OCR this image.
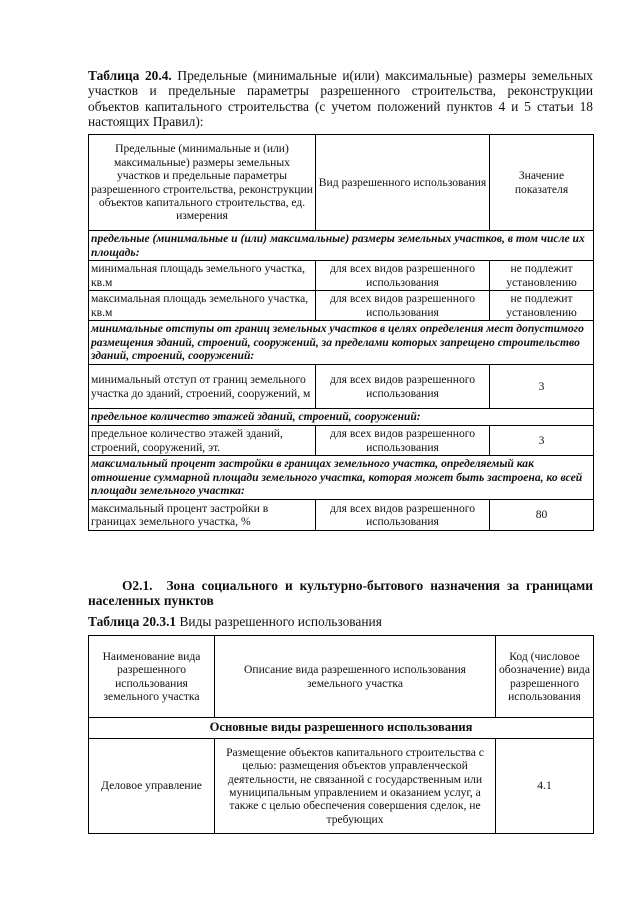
Таблица 20.4. Предельные (минимальные и(или) максимальные) размеры земельных участков и предельные параметры разрешенного строительства, реконструкции объектов капитального строительства (с учетом положений пунктов 4 и 5 статьи 18 настоящих Правил):
Предельные (минимальные и (или) максимальные) размеры земельных участков и предельные параметры разрешенного строительства, реконструкции объектов капитального строительства, ед. измерения	Вид разрешенного использования	Значение показателя
предельные (минимальные и (или) максимальные) размеры земельных участков, в том числе их площадь:		
минимальная площадь земельного участка, кв.м	для всех видов разрешенного использования	не подлежит установлению
максимальная площадь земельного участка, кв.м	для всех видов разрешенного использования	не подлежит установлению
минимальные отступы от границ земельных участков в целях определения мест допустимого размещения зданий, строений, сооружений, за пределами которых запрещено строительство зданий, строений, сооружений:		
минимальный отступ от границ земельного участка до зданий, строений, сооружений, м	для всех видов разрешенного использования	3
предельное количество этажей зданий, строений, сооружений:		
предельное количество этажей зданий, строений, сооружений, эт.	для всех видов разрешенного использования	3
максимальный процент застройки в границах земельного участка, определяемый как отношение суммарной площади земельного участка, которая может быть застроена, ко всей площади земельного участка:		
максимальный процент застройки в границах земельного участка, %	для всех видов разрешенного использования	80
О2.1. Зона социального и культурно-бытового назначения за границами населенных пунктов
Таблица 20.3.1 Виды разрешенного использования
Наименование вида разрешенного использования земельного участка	Описание вида разрешенного использования земельного участка	Код (числовое обозначение) вида разрешенного использования
Основные виды разрешенного использования		
Деловое управление	Размещение объектов капитального строительства с целью: размещения объектов управленческой деятельности, не связанной с государственным или муниципальным управлением и оказанием услуг, а также с целью обеспечения совершения сделок, не требующих	4.1
